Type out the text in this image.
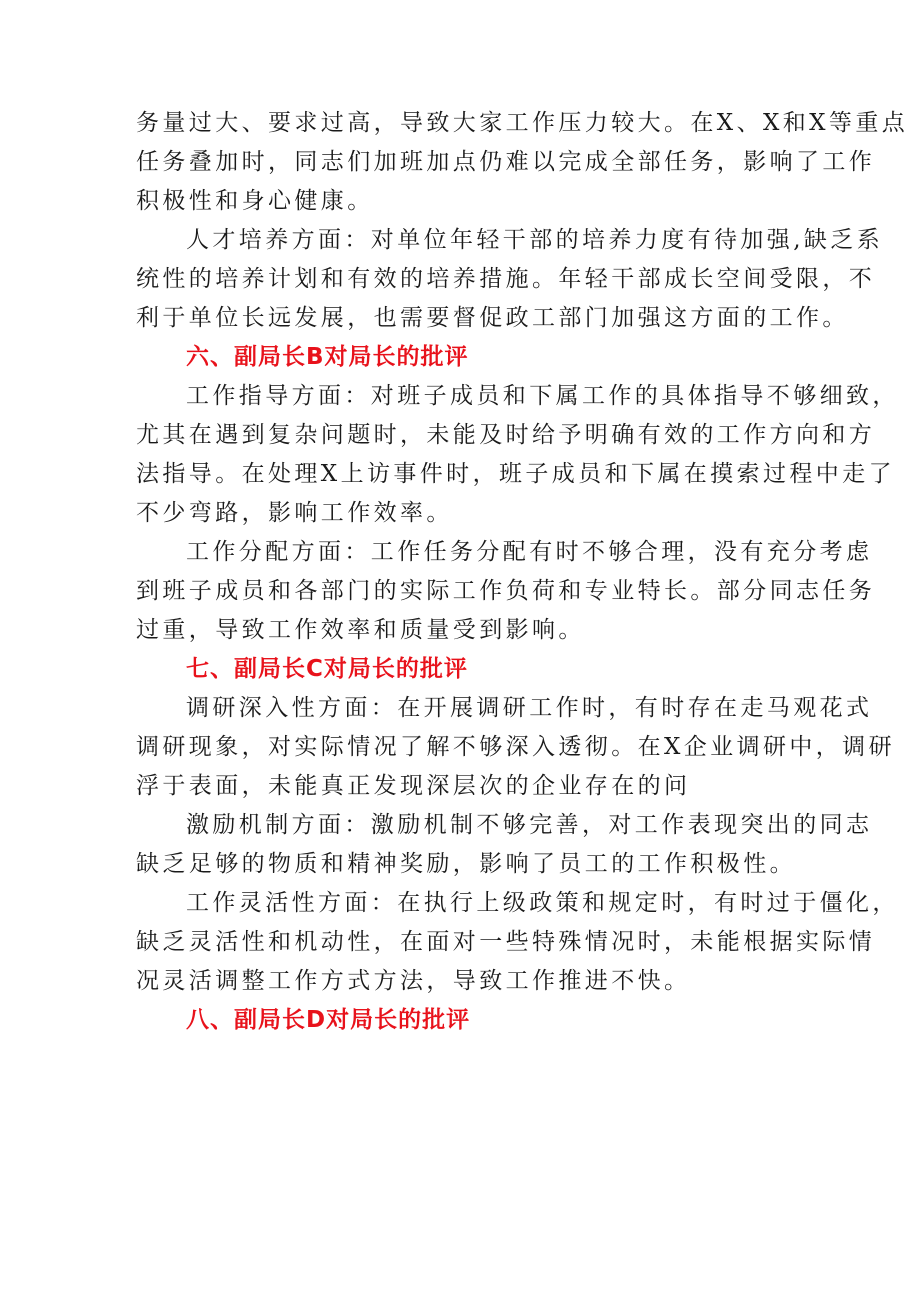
务量过大、要求过高，导致大家工作压力较大。在X、X和X等重点
任务叠加时，同志们加班加点仍难以完成全部任务，影响了工作
积极性和身心健康。
人才培养方面：对单位年轻干部的培养力度有待加强,缺乏系
统性的培养计划和有效的培养措施。年轻干部成长空间受限，不
利于单位长远发展，也需要督促政工部门加强这方面的工作。
六、副局长B对局长的批评
工作指导方面：对班子成员和下属工作的具体指导不够细致，
尤其在遇到复杂问题时，未能及时给予明确有效的工作方向和方
法指导。在处理X上访事件时，班子成员和下属在摸索过程中走了
不少弯路，影响工作效率。
工作分配方面：工作任务分配有时不够合理，没有充分考虑
到班子成员和各部门的实际工作负荷和专业特长。部分同志任务
过重，导致工作效率和质量受到影响。
七、副局长C对局长的批评
调研深入性方面：在开展调研工作时，有时存在走马观花式
调研现象，对实际情况了解不够深入透彻。在X企业调研中，调研
浮于表面，未能真正发现深层次的企业存在的问
激励机制方面：激励机制不够完善，对工作表现突出的同志
缺乏足够的物质和精神奖励，影响了员工的工作积极性。
工作灵活性方面：在执行上级政策和规定时，有时过于僵化，
缺乏灵活性和机动性，在面对一些特殊情况时，未能根据实际情
况灵活调整工作方式方法，导致工作推进不快。
八、副局长D对局长的批评
